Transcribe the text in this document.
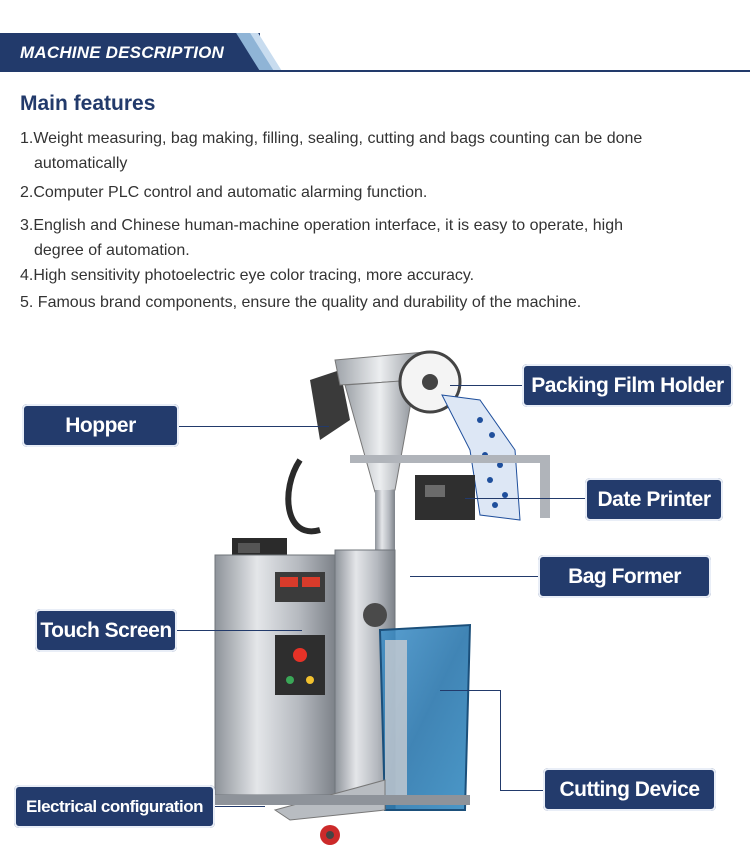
MACHINE DESCRIPTION
Main features
1.Weight measuring, bag making, filling, sealing, cutting and bags counting can be done
automatically
2.Computer PLC control and automatic alarming function.
3.English and Chinese human-machine operation interface, it is easy to operate, high
degree of automation.
4.High sensitivity photoelectric eye color tracing, more accuracy.
5. Famous brand components, ensure the quality and durability of the machine.
Hopper
Packing Film Holder
Date Printer
Bag Former
Touch Screen
Cutting Device
Electrical configuration
